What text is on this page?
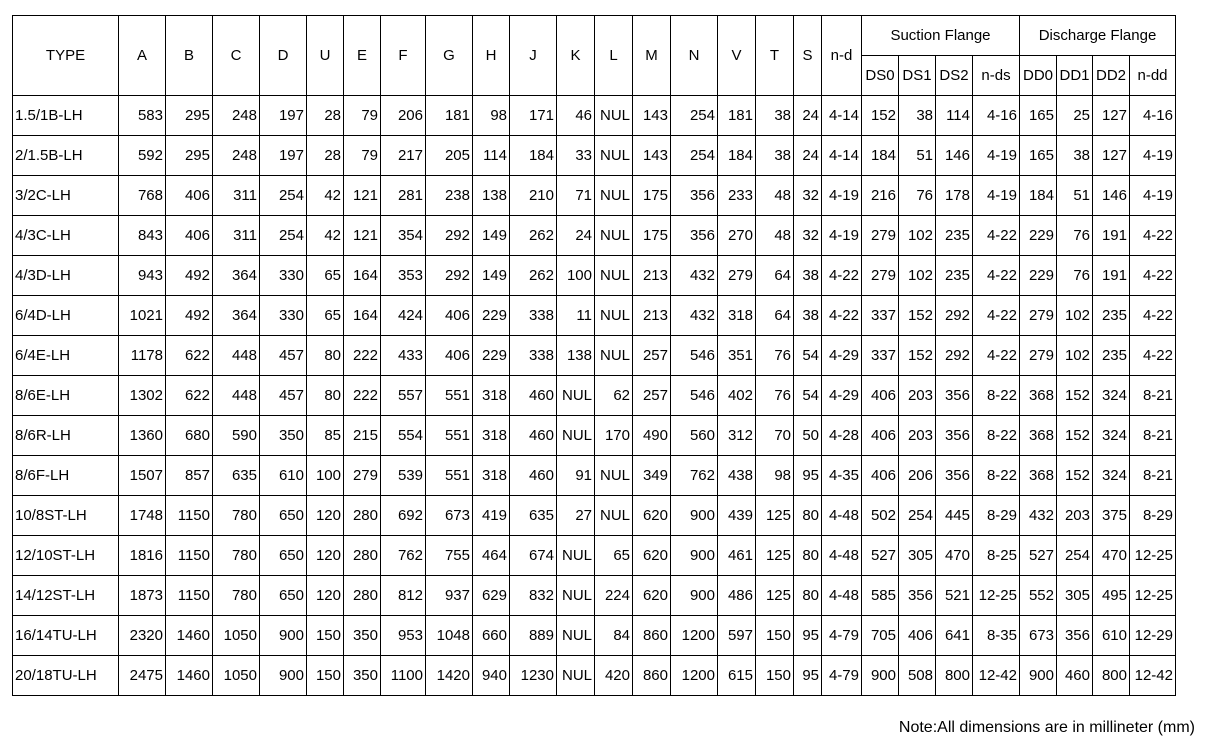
TYPE	A	B	C	D	U	E	F	G	H	J	K	L	M	N	V	T	S	n-d	Suction Flange				Discharge Flange			
																			DS0	DS1	DS2	n-ds	DD0	DD1	DD2	n-dd
1.5/1B-LH	583	295	248	197	28	79	206	181	98	171	46	NUL	143	254	181	38	24	4-14	152	38	114	4-16	165	25	127	4-16
2/1.5B-LH	592	295	248	197	28	79	217	205	114	184	33	NUL	143	254	184	38	24	4-14	184	51	146	4-19	165	38	127	4-19
3/2C-LH	768	406	311	254	42	121	281	238	138	210	71	NUL	175	356	233	48	32	4-19	216	76	178	4-19	184	51	146	4-19
4/3C-LH	843	406	311	254	42	121	354	292	149	262	24	NUL	175	356	270	48	32	4-19	279	102	235	4-22	229	76	191	4-22
4/3D-LH	943	492	364	330	65	164	353	292	149	262	100	NUL	213	432	279	64	38	4-22	279	102	235	4-22	229	76	191	4-22
6/4D-LH	1021	492	364	330	65	164	424	406	229	338	11	NUL	213	432	318	64	38	4-22	337	152	292	4-22	279	102	235	4-22
6/4E-LH	1178	622	448	457	80	222	433	406	229	338	138	NUL	257	546	351	76	54	4-29	337	152	292	4-22	279	102	235	4-22
8/6E-LH	1302	622	448	457	80	222	557	551	318	460	NUL	62	257	546	402	76	54	4-29	406	203	356	8-22	368	152	324	8-21
8/6R-LH	1360	680	590	350	85	215	554	551	318	460	NUL	170	490	560	312	70	50	4-28	406	203	356	8-22	368	152	324	8-21
8/6F-LH	1507	857	635	610	100	279	539	551	318	460	91	NUL	349	762	438	98	95	4-35	406	206	356	8-22	368	152	324	8-21
10/8ST-LH	1748	1150	780	650	120	280	692	673	419	635	27	NUL	620	900	439	125	80	4-48	502	254	445	8-29	432	203	375	8-29
12/10ST-LH	1816	1150	780	650	120	280	762	755	464	674	NUL	65	620	900	461	125	80	4-48	527	305	470	8-25	527	254	470	12-25
14/12ST-LH	1873	1150	780	650	120	280	812	937	629	832	NUL	224	620	900	486	125	80	4-48	585	356	521	12-25	552	305	495	12-25
16/14TU-LH	2320	1460	1050	900	150	350	953	1048	660	889	NUL	84	860	1200	597	150	95	4-79	705	406	641	8-35	673	356	610	12-29
20/18TU-LH	2475	1460	1050	900	150	350	1100	1420	940	1230	NUL	420	860	1200	615	150	95	4-79	900	508	800	12-42	900	460	800	12-42
Note:All dimensions are in millineter (mm)
